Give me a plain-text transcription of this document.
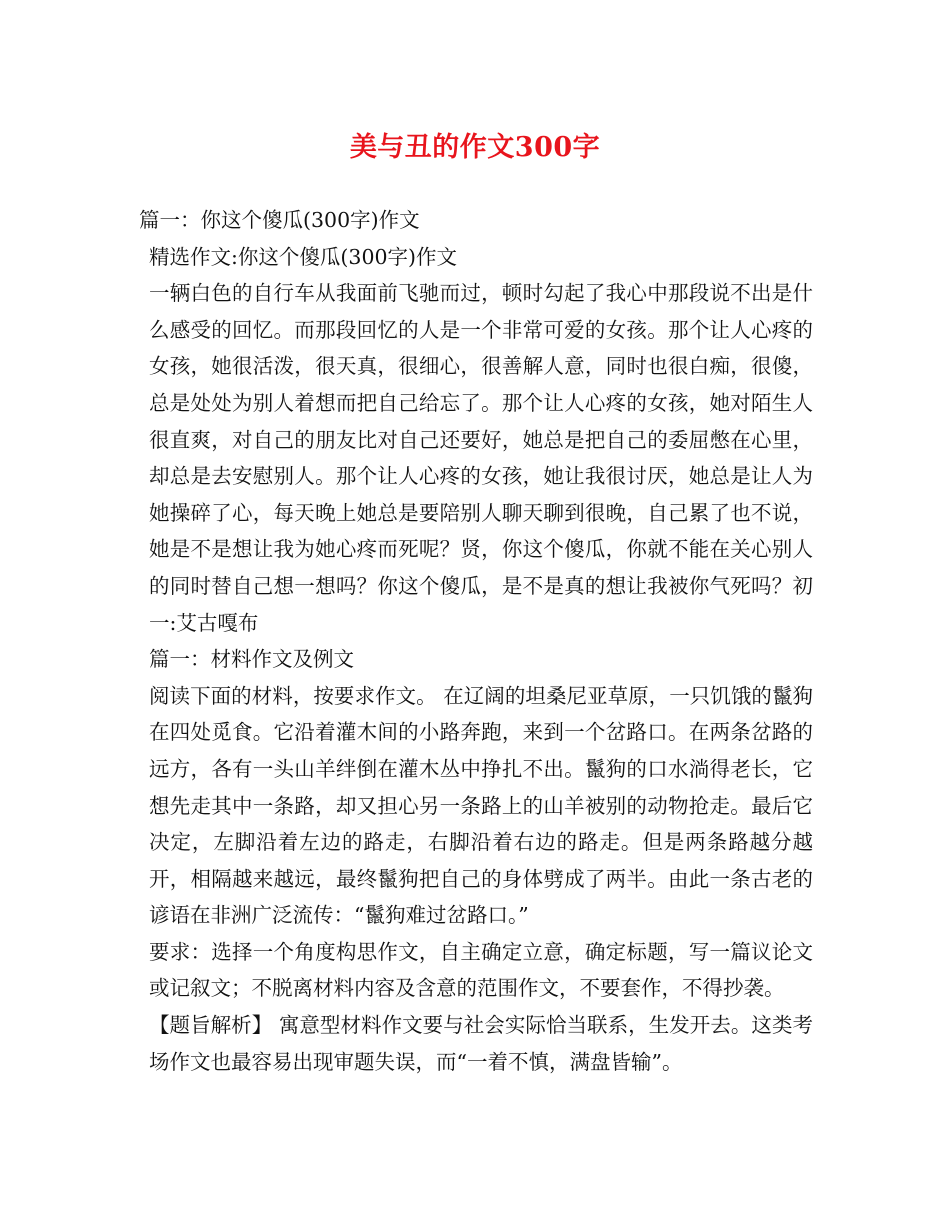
美与丑的作文300字

篇一：你这个傻瓜(300字)作文

精选作文:你这个傻瓜(300字)作文

一辆白色的自行车从我面前飞驰而过，顿时勾起了我心中那段说不出是什么感受的回忆。而那段回忆的人是一个非常可爱的女孩。那个让人心疼的女孩，她很活泼，很天真，很细心，很善解人意，同时也很白痴，很傻，总是处处为别人着想而把自己给忘了。那个让人心疼的女孩，她对陌生人很直爽，对自己的朋友比对自己还要好，她总是把自己的委屈憋在心里，却总是去安慰别人。那个让人心疼的女孩，她让我很讨厌，她总是让人为她操碎了心，每天晚上她总是要陪别人聊天聊到很晚，自己累了也不说，她是不是想让我为她心疼而死呢？贤，你这个傻瓜，你就不能在关心别人的同时替自己想一想吗？你这个傻瓜，是不是真的想让我被你气死吗？初一:艾古嘎布

篇一：材料作文及例文

阅读下面的材料，按要求作文。 在辽阔的坦桑尼亚草原，一只饥饿的鬣狗在四处觅食。它沿着灌木间的小路奔跑，来到一个岔路口。在两条岔路的远方，各有一头山羊绊倒在灌木丛中挣扎不出。鬣狗的口水淌得老长，它想先走其中一条路，却又担心另一条路上的山羊被别的动物抢走。最后它决定，左脚沿着左边的路走，右脚沿着右边的路走。但是两条路越分越开，相隔越来越远，最终鬣狗把自己的身体劈成了两半。由此一条古老的谚语在非洲广泛流传：“鬣狗难过岔路口。”

要求：选择一个角度构思作文，自主确定立意，确定标题，写一篇议论文或记叙文；不脱离材料内容及含意的范围作文，不要套作，不得抄袭。

【题旨解析】 寓意型材料作文要与社会实际恰当联系，生发开去。这类考场作文也最容易出现审题失误，而“一着不慎，满盘皆输”。
